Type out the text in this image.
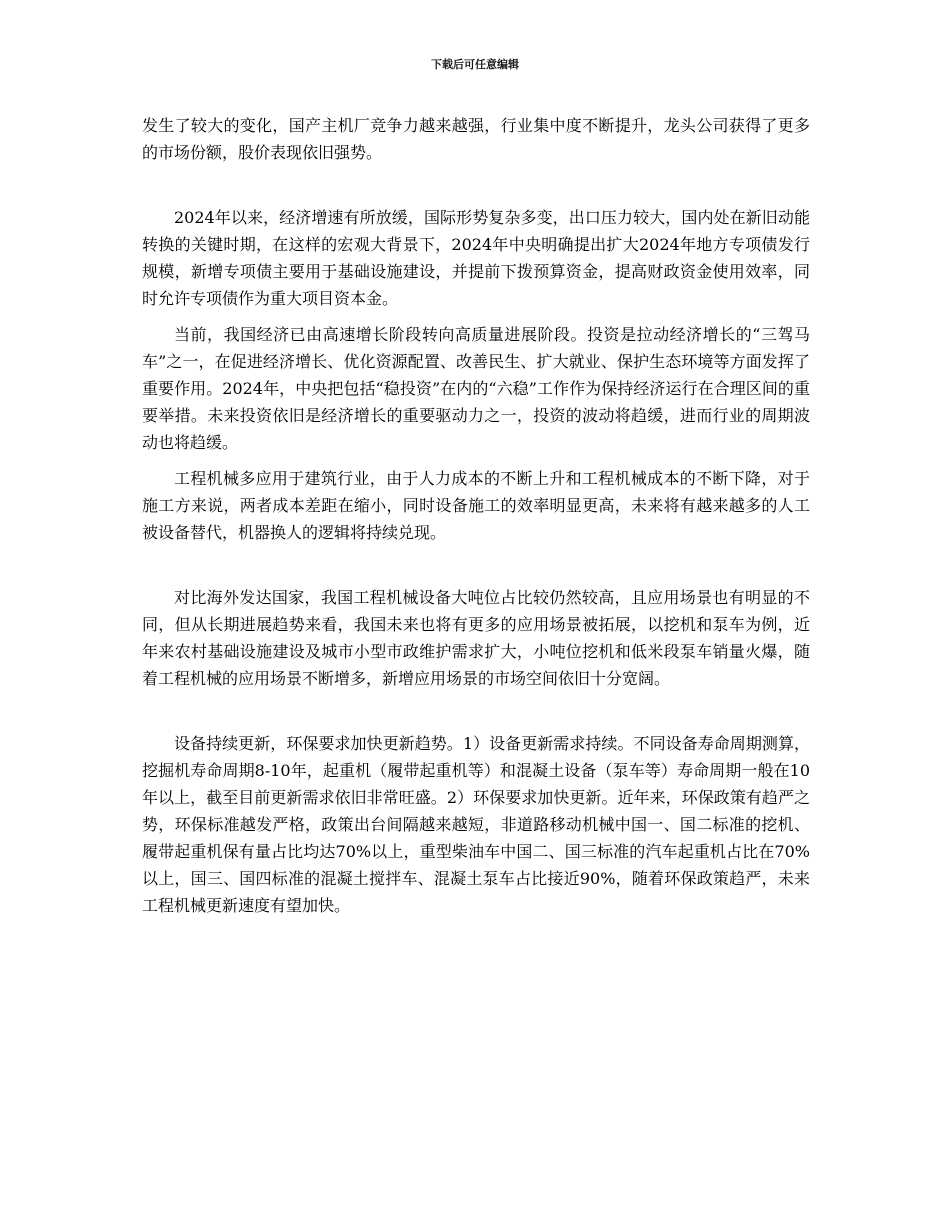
下载后可任意编辑

发生了较大的变化，国产主机厂竞争力越来越强，行业集中度不断提升，龙头公司获得了更多的市场份额，股价表现依旧强势。

2024年以来，经济增速有所放缓，国际形势复杂多变，出口压力较大，国内处在新旧动能转换的关键时期，在这样的宏观大背景下，2024年中央明确提出扩大2024年地方专项债发行规模，新增专项债主要用于基础设施建设，并提前下拨预算资金，提高财政资金使用效率，同时允许专项债作为重大项目资本金。

当前，我国经济已由高速增长阶段转向高质量进展阶段。投资是拉动经济增长的“三驾马车”之一，在促进经济增长、优化资源配置、改善民生、扩大就业、保护生态环境等方面发挥了重要作用。2024年，中央把包括“稳投资”在内的“六稳”工作作为保持经济运行在合理区间的重要举措。未来投资依旧是经济增长的重要驱动力之一，投资的波动将趋缓，进而行业的周期波动也将趋缓。

工程机械多应用于建筑行业，由于人力成本的不断上升和工程机械成本的不断下降，对于施工方来说，两者成本差距在缩小，同时设备施工的效率明显更高，未来将有越来越多的人工被设备替代，机器换人的逻辑将持续兑现。

对比海外发达国家，我国工程机械设备大吨位占比较仍然较高，且应用场景也有明显的不同，但从长期进展趋势来看，我国未来也将有更多的应用场景被拓展，以挖机和泵车为例，近年来农村基础设施建设及城市小型市政维护需求扩大，小吨位挖机和低米段泵车销量火爆，随着工程机械的应用场景不断增多，新增应用场景的市场空间依旧十分宽阔。

设备持续更新，环保要求加快更新趋势。1）设备更新需求持续。不同设备寿命周期测算，挖掘机寿命周期8-10年，起重机（履带起重机等）和混凝土设备（泵车等）寿命周期一般在10年以上，截至目前更新需求依旧非常旺盛。2）环保要求加快更新。近年来，环保政策有趋严之势，环保标准越发严格，政策出台间隔越来越短，非道路移动机械中国一、国二标准的挖机、履带起重机保有量占比均达70%以上，重型柴油车中国二、国三标准的汽车起重机占比在70%以上，国三、国四标准的混凝土搅拌车、混凝土泵车占比接近90%，随着环保政策趋严，未来工程机械更新速度有望加快。
